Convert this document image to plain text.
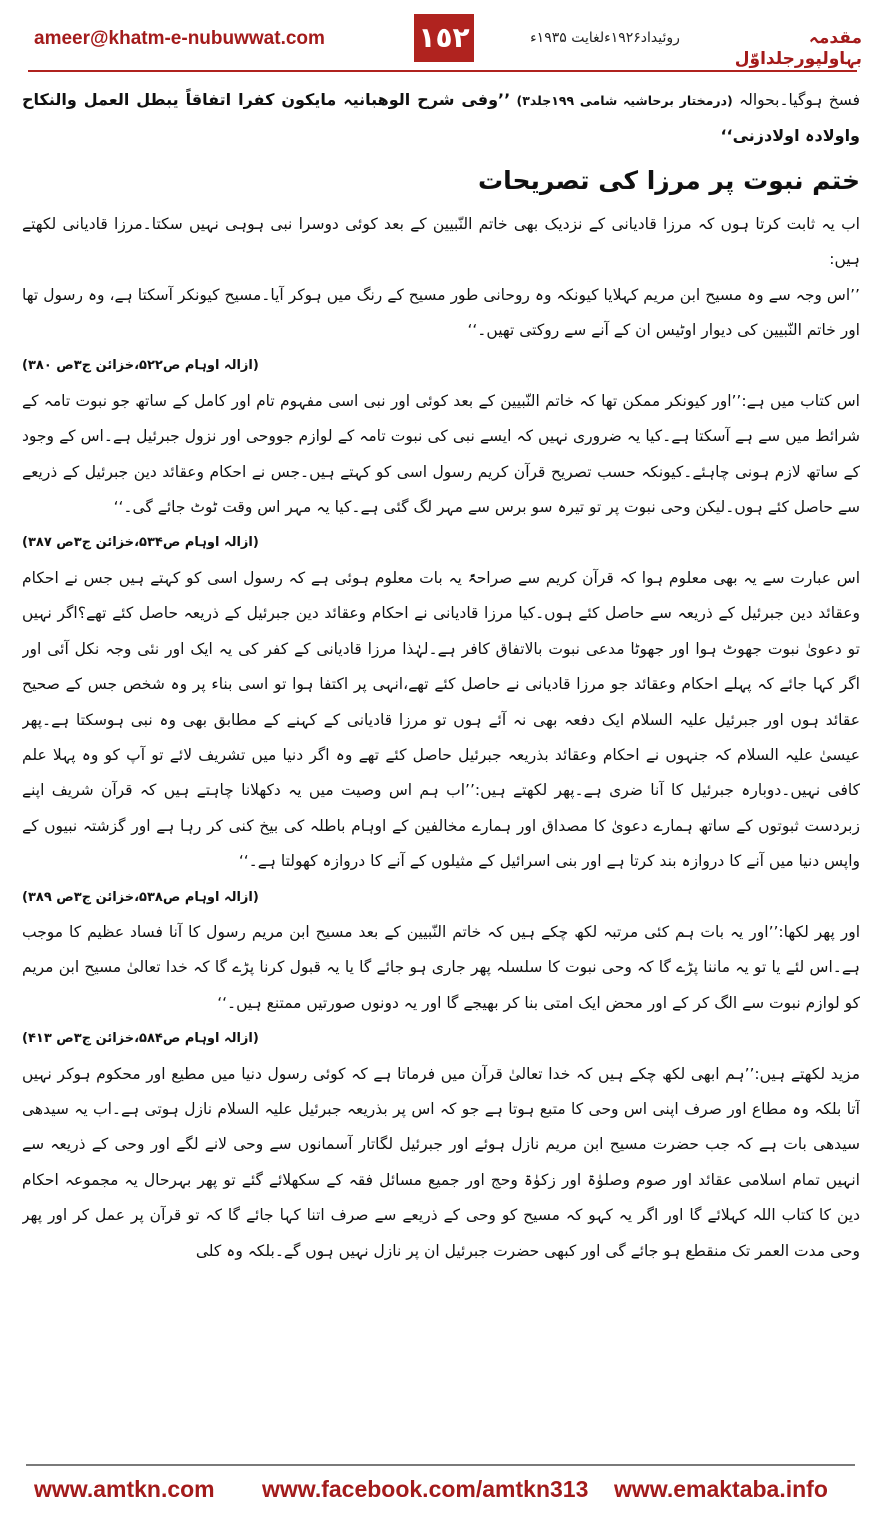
ameer@khatm-e-nubuwwat.com	١٥٢	روئیداد۱۹۲۶ءلغایت ۱۹۳۵ء	مقدمہ بہاولپورجلداوّل

فسخ ہوگیا۔بحوالہ (درمختار برحاشیہ شامی ۱۹۹جلد۳) ’’وفی شرح الوھبانیہ مایکون کفرا اتفاقاً یبطل العمل والنکاح واولادہ اولادزنی‘‘

ختم نبوت پر مرزا کی تصریحات

اب یہ ثابت کرتا ہوں کہ مرزا قادیانی کے نزدیک بھی خاتم النّبیین کے بعد کوئی دوسرا نبی ہوہی نہیں سکتا۔مرزا قادیانی لکھتے ہیں:

’’اس وجہ سے وہ مسیح ابن مریم کہلایا کیونکہ وہ روحانی طور مسیح کے رنگ میں ہوکر آیا۔مسیح کیونکر آسکتا ہے، وہ رسول تھا اور خاتم النّبیین کی دیوار اوٹیس ان کے آنے سے روکتی تھیں۔‘‘

(ازالہ اوہام ص۵۲۲،خزائن ج۳ص ۳۸۰)

اس کتاب میں ہے:’’اور کیونکر ممکن تھا کہ خاتم النّبیین کے بعد کوئی اور نبی اسی مفہوم تام اور کامل کے ساتھ جو نبوت تامہ کے شرائط میں سے ہے آسکتا ہے۔کیا یہ ضروری نہیں کہ ایسے نبی کی نبوت تامہ کے لوازم جووحی اور نزول جبرئیل ہے۔اس کے وجود کے ساتھ لازم ہونی چاہئے۔کیونکہ حسب تصریح قرآن کریم رسول اسی کو کہتے ہیں۔جس نے احکام وعقائد دین جبرئیل کے ذریعے سے حاصل کئے ہوں۔لیکن وحی نبوت پر تو تیرہ سو برس سے مہر لگ گئی ہے۔کیا یہ مہر اس وقت ٹوٹ جائے گی۔‘‘

(ازالہ اوہام ص۵۳۴،خزائن ج۳ص ۳۸۷)

اس عبارت سے یہ بھی معلوم ہوا کہ قرآن کریم سے صراحۃً یہ بات معلوم ہوئی ہے کہ رسول اسی کو کہتے ہیں جس نے احکام وعقائد دین جبرئیل کے ذریعہ سے حاصل کئے ہوں۔کیا مرزا قادیانی نے احکام وعقائد دین جبرئیل کے ذریعہ حاصل کئے تھے؟اگر نہیں تو دعویٰ نبوت جھوٹ ہوا اور جھوٹا مدعی نبوت بالاتفاق کافر ہے۔لہٰذا مرزا قادیانی کے کفر کی یہ ایک اور نئی وجہ نکل آئی اور اگر کہا جائے کہ پہلے احکام وعقائد جو مرزا قادیانی نے حاصل کئے تھے،انہی پر اکتفا ہوا تو اسی بناء پر وہ شخص جس کے صحیح عقائد ہوں اور جبرئیل علیہ السلام ایک دفعہ بھی نہ آئے ہوں تو مرزا قادیانی کے کہنے کے مطابق بھی وہ نبی ہوسکتا ہے۔پھر عیسیٰ علیہ السلام کہ جنہوں نے احکام وعقائد بذریعہ جبرئیل حاصل کئے تھے وہ اگر دنیا میں تشریف لائے تو آپ کو وہ پہلا علم کافی نہیں۔دوبارہ جبرئیل کا آنا ضری ہے۔پھر لکھتے ہیں:’’اب ہم اس وصیت میں یہ دکھلانا چاہتے ہیں کہ قرآن شریف اپنے زبردست ثبوتوں کے ساتھ ہمارے دعویٰ کا مصداق اور ہمارے مخالفین کے اوہام باطلہ کی بیخ کنی کر رہا ہے اور گزشتہ نبیوں کے واپس دنیا میں آنے کا دروازہ بند کرتا ہے اور بنی اسرائیل کے مثیلوں کے آنے کا دروازہ کھولتا ہے۔‘‘

(ازالہ اوہام ص۵۳۸،خزائن ج۳ص ۳۸۹)

اور پھر لکھا:’’اور یہ بات ہم کئی مرتبہ لکھ چکے ہیں کہ خاتم النّبیین کے بعد مسیح ابن مریم رسول کا آنا فساد عظیم کا موجب ہے۔اس لئے یا تو یہ ماننا پڑے گا کہ وحی نبوت کا سلسلہ پھر جاری ہو جائے گا یا یہ قبول کرنا پڑے گا کہ خدا تعالیٰ مسیح ابن مریم کو لوازم نبوت سے الگ کر کے اور محض ایک امتی بنا کر بھیجے گا اور یہ دونوں صورتیں ممتنع ہیں۔‘‘

(ازالہ اوہام ص۵۸۴،خزائن ج۳ص ۴۱۳)

مزید لکھتے ہیں:’’ہم ابھی لکھ چکے ہیں کہ خدا تعالیٰ قرآن میں فرماتا ہے کہ کوئی رسول دنیا میں مطیع اور محکوم ہوکر نہیں آتا بلکہ وہ مطاع اور صرف اپنی اس وحی کا متبع ہوتا ہے جو کہ اس پر بذریعہ جبرئیل علیہ السلام نازل ہوتی ہے۔اب یہ سیدھی سیدھی بات ہے کہ جب حضرت مسیح ابن مریم نازل ہوئے اور جبرئیل لگاتار آسمانوں سے وحی لانے لگے اور وحی کے ذریعہ سے انہیں تمام اسلامی عقائد اور صوم وصلوٰۃ اور زکوٰۃ وحج اور جمیع مسائل فقہ کے سکھلائے گئے تو پھر بہرحال یہ مجموعہ احکام دین کا کتاب اللہ کہلائے گا اور اگر یہ کہو کہ مسیح کو وحی کے ذریعے سے صرف اتنا کہا جائے گا کہ تو قرآن پر عمل کر اور پھر وحی مدت العمر تک منقطع ہو جائے گی اور کبھی حضرت جبرئیل ان پر نازل نہیں ہوں گے۔بلکہ وہ کلی

www.amtkn.com www.facebook.com/amtkn313 www.emaktaba.info
